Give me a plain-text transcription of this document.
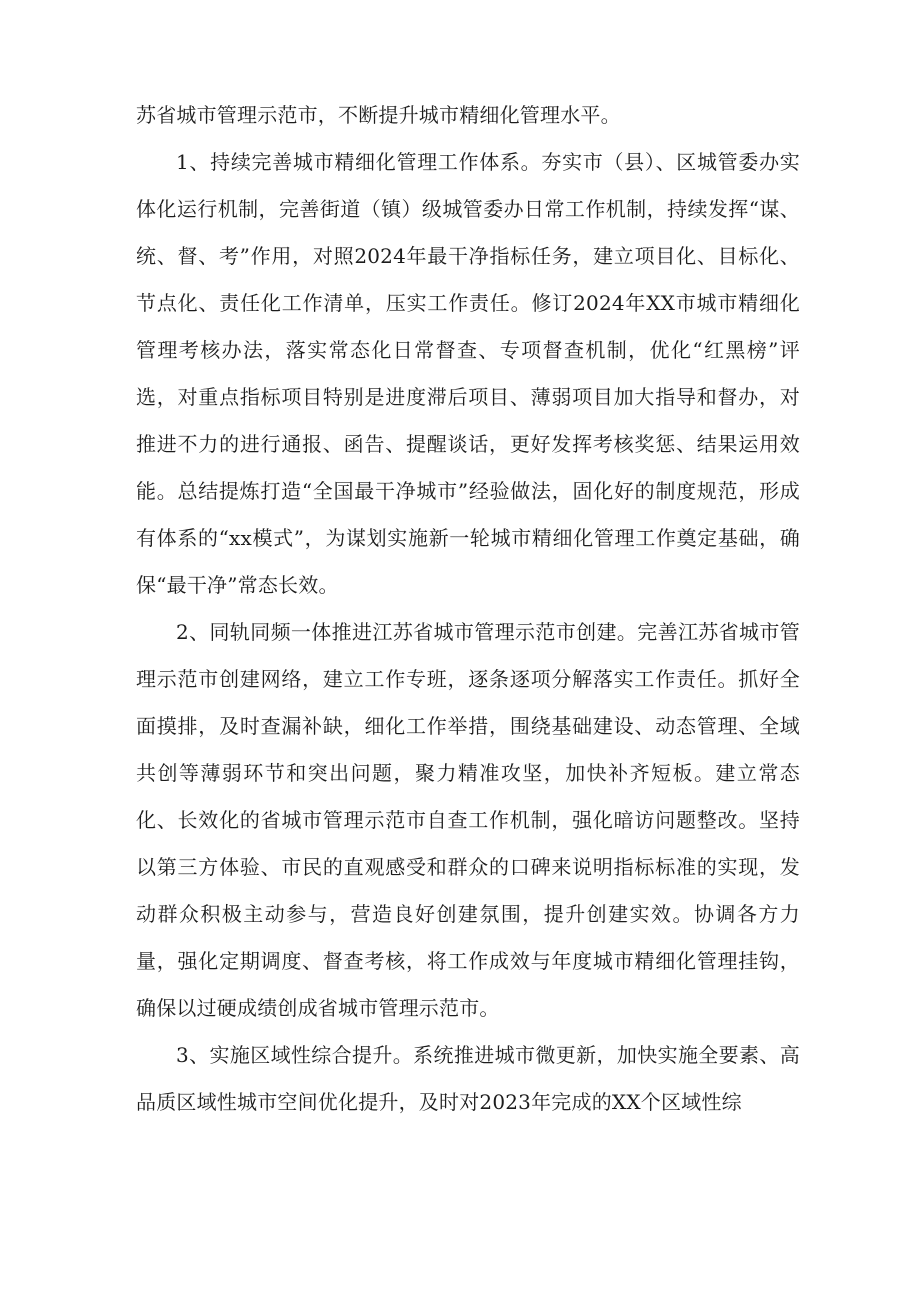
苏省城市管理示范市，不断提升城市精细化管理水平。

1、持续完善城市精细化管理工作体系。夯实市（县）、区城管委办实体化运行机制，完善街道（镇）级城管委办日常工作机制，持续发挥“谋、统、督、考”作用，对照2024年最干净指标任务，建立项目化、目标化、节点化、责任化工作清单，压实工作责任。修订2024年XX市城市精细化管理考核办法，落实常态化日常督查、专项督查机制，优化“红黑榜”评选，对重点指标项目特别是进度滞后项目、薄弱项目加大指导和督办，对推进不力的进行通报、函告、提醒谈话，更好发挥考核奖惩、结果运用效能。总结提炼打造“全国最干净城市”经验做法，固化好的制度规范，形成有体系的“xx模式”，为谋划实施新一轮城市精细化管理工作奠定基础，确保“最干净”常态长效。

2、同轨同频一体推进江苏省城市管理示范市创建。完善江苏省城市管理示范市创建网络，建立工作专班，逐条逐项分解落实工作责任。抓好全面摸排，及时查漏补缺，细化工作举措，围绕基础建设、动态管理、全域共创等薄弱环节和突出问题，聚力精准攻坚，加快补齐短板。建立常态化、长效化的省城市管理示范市自查工作机制，强化暗访问题整改。坚持以第三方体验、市民的直观感受和群众的口碑来说明指标标准的实现，发动群众积极主动参与，营造良好创建氛围，提升创建实效。协调各方力量，强化定期调度、督查考核，将工作成效与年度城市精细化管理挂钩，确保以过硬成绩创成省城市管理示范市。

3、实施区域性综合提升。系统推进城市微更新，加快实施全要素、高品质区域性城市空间优化提升，及时对2023年完成的XX个区域性综
